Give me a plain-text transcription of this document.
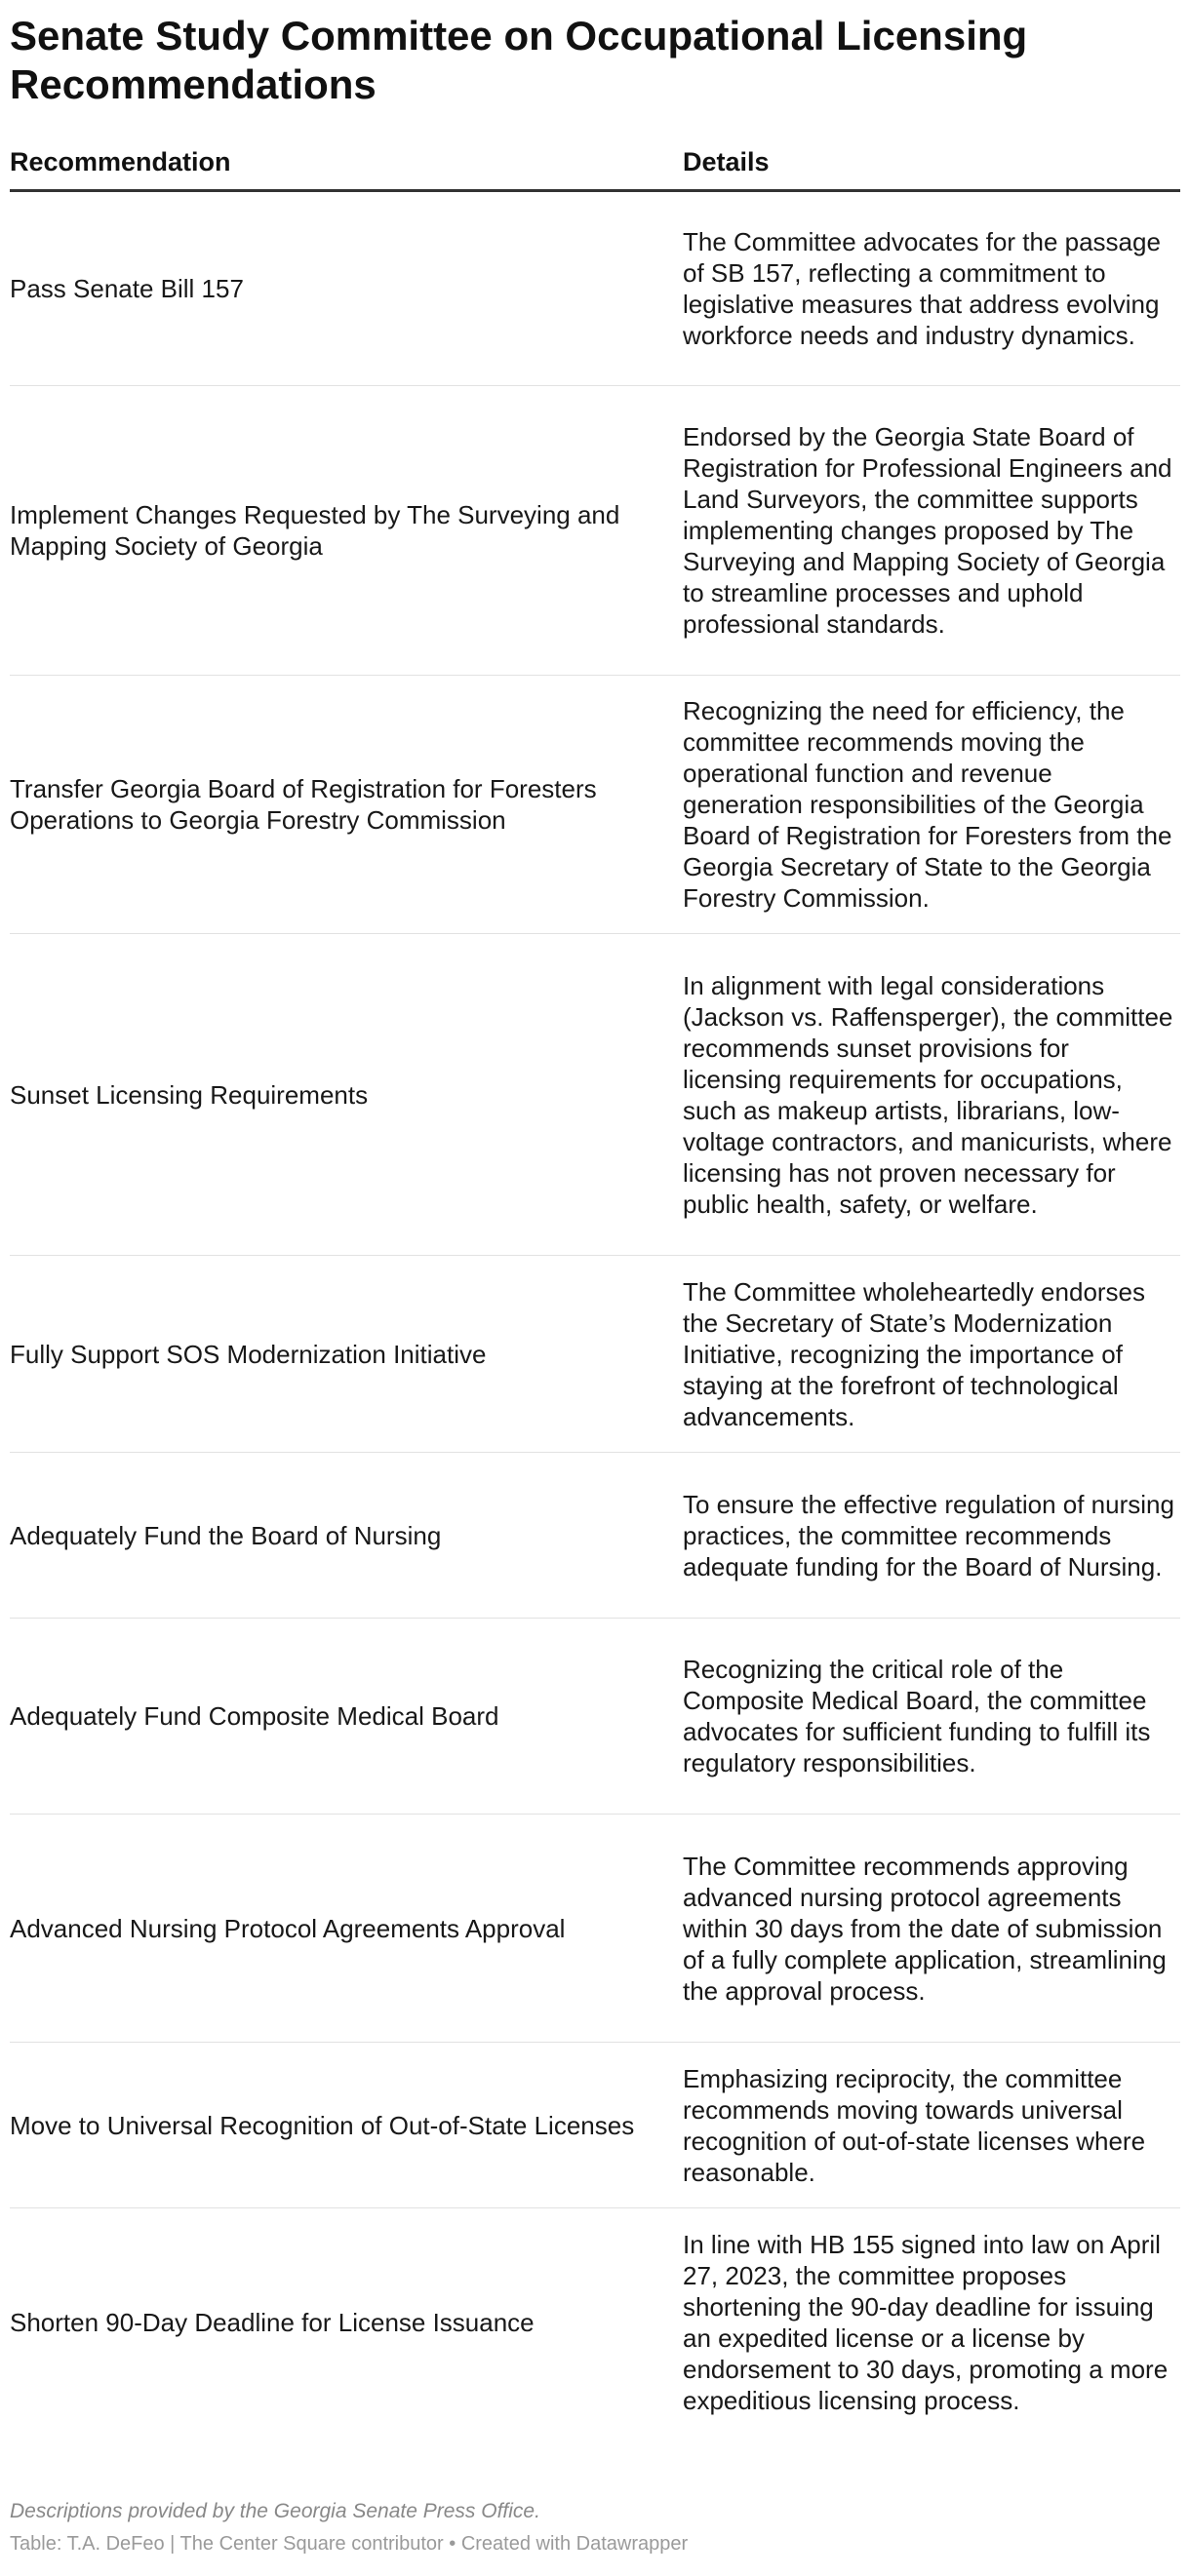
Senate Study Committee on Occupational Licensing Recommendations
Recommendation	Details
Pass Senate Bill 157	The Committee advocates for the passage of SB 157, reflecting a commitment to legislative measures that address evolving workforce needs and industry dynamics.
Implement Changes Requested by The Surveying and Mapping Society of Georgia	Endorsed by the Georgia State Board of Registration for Professional Engineers and Land Surveyors, the committee supports implementing changes proposed by The Surveying and Mapping Society of Georgia to streamline processes and uphold professional standards.
Transfer Georgia Board of Registration for Foresters Operations to Georgia Forestry Commission	Recognizing the need for efficiency, the committee recommends moving the operational function and revenue generation responsibilities of the Georgia Board of Registration for Foresters from the Georgia Secretary of State to the Georgia Forestry Commission.
Sunset Licensing Requirements	In alignment with legal considerations (Jackson vs. Raffensperger), the committee recommends sunset provisions for licensing requirements for occupations, such as makeup artists, librarians, low-voltage contractors, and manicurists, where licensing has not proven necessary for public health, safety, or welfare.
Fully Support SOS Modernization Initiative	The Committee wholeheartedly endorses the Secretary of State’s Modernization Initiative, recognizing the importance of staying at the forefront of technological advancements.
Adequately Fund the Board of Nursing	To ensure the effective regulation of nursing practices, the committee recommends adequate funding for the Board of Nursing.
Adequately Fund Composite Medical Board	Recognizing the critical role of the Composite Medical Board, the committee advocates for sufficient funding to fulfill its regulatory responsibilities.
Advanced Nursing Protocol Agreements Approval	The Committee recommends approving advanced nursing protocol agreements within 30 days from the date of submission of a fully complete application, streamlining the approval process.
Move to Universal Recognition of Out-of-State Licenses	Emphasizing reciprocity, the committee recommends moving towards universal recognition of out-of-state licenses where reasonable.
Shorten 90-Day Deadline for License Issuance	In line with HB 155 signed into law on April 27, 2023, the committee proposes shortening the 90-day deadline for issuing an expedited license or a license by endorsement to 30 days, promoting a more expeditious licensing process.
Descriptions provided by the Georgia Senate Press Office.
Table: T.A. DeFeo | The Center Square contributor • Created with Datawrapper
